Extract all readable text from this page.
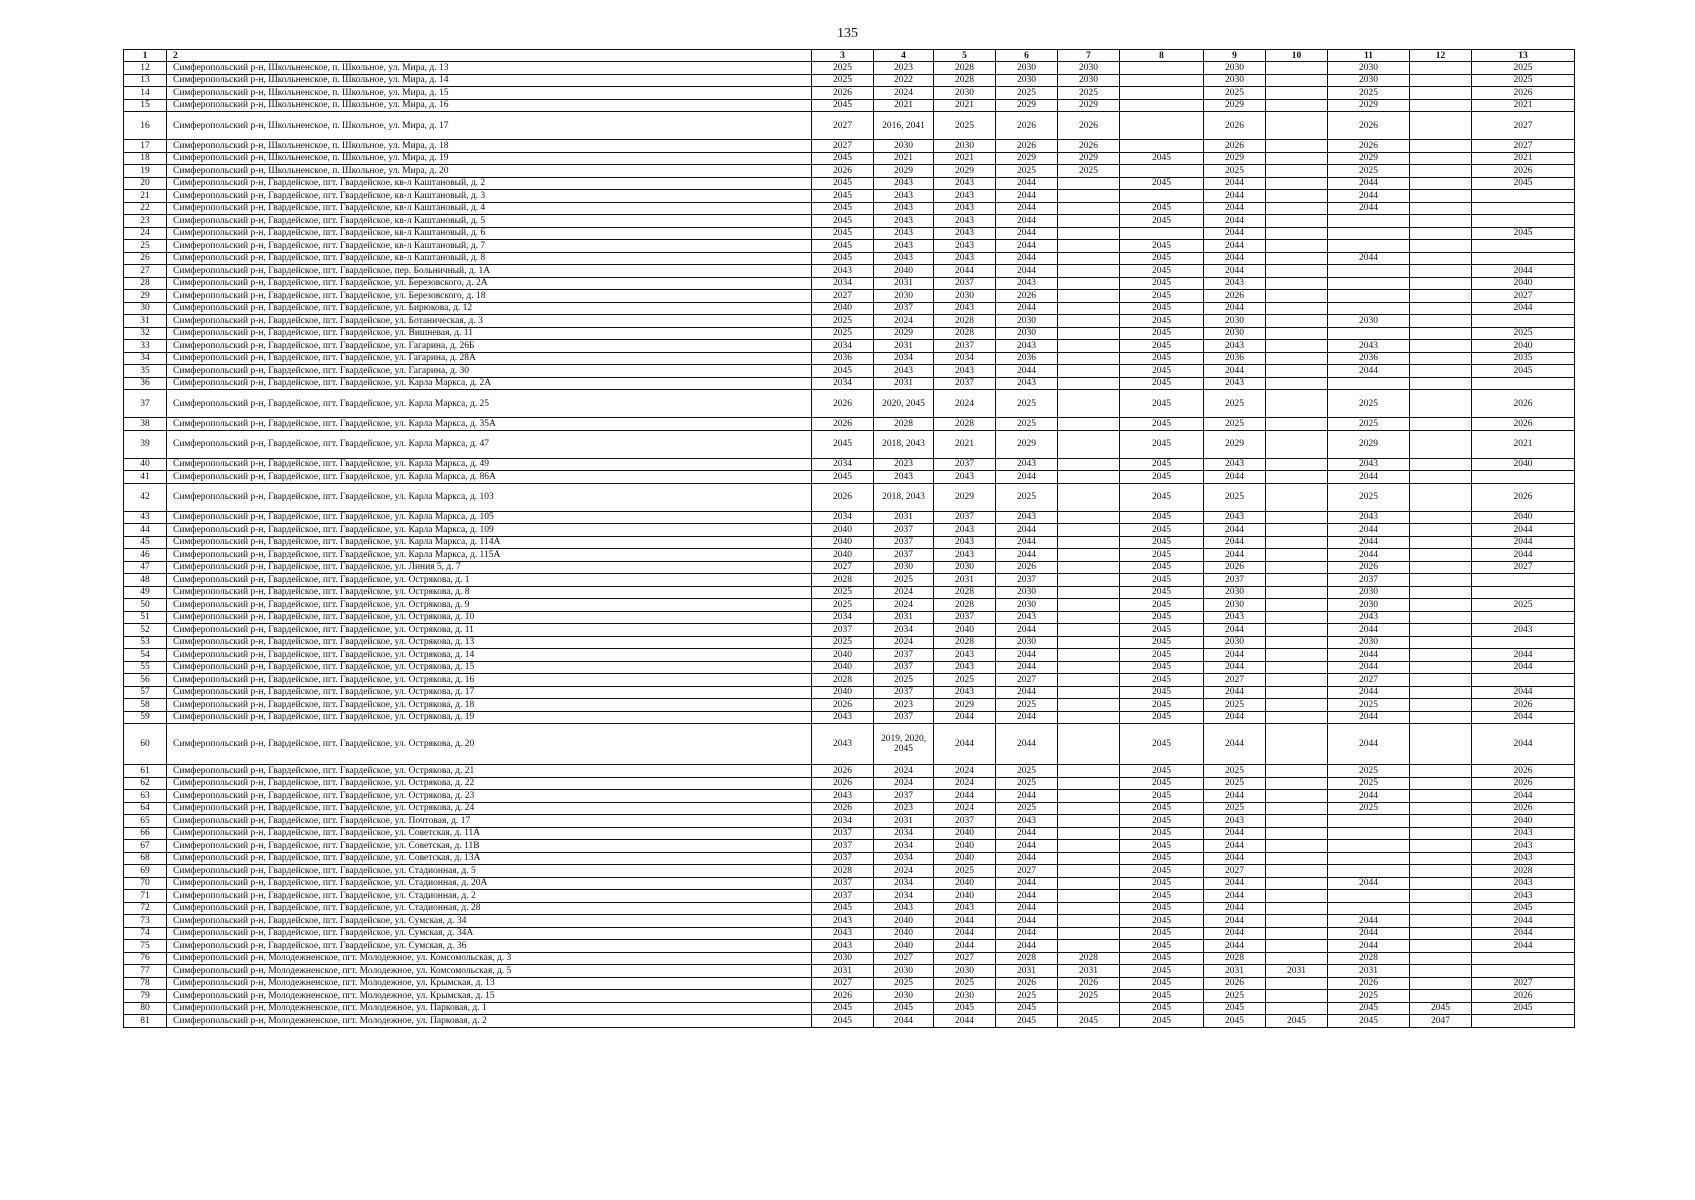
135
1	2	3	4	5	6	7	8	9	10	11	12	13
12	Симферопольский р-н, Школьненское, п. Школьное, ул. Мира, д. 13	2025	2023	2028	2030	2030		2030		2030		2025
13	Симферопольский р-н, Школьненское, п. Школьное, ул. Мира, д. 14	2025	2022	2028	2030	2030		2030		2030		2025
14	Симферопольский р-н, Школьненское, п. Школьное, ул. Мира, д. 15	2026	2024	2030	2025	2025		2025		2025		2026
15	Симферопольский р-н, Школьненское, п. Школьное, ул. Мира, д. 16	2045	2021	2021	2029	2029		2029		2029		2021
16	Симферопольский р-н, Школьненское, п. Школьное, ул. Мира, д. 17	2027	2016, 2041	2025	2026	2026		2026		2026		2027
17	Симферопольский р-н, Школьненское, п. Школьное, ул. Мира, д. 18	2027	2030	2030	2026	2026		2026		2026		2027
18	Симферопольский р-н, Школьненское, п. Школьное, ул. Мира, д. 19	2045	2021	2021	2029	2029	2045	2029		2029		2021
19	Симферопольский р-н, Школьненское, п. Школьное, ул. Мира, д. 20	2026	2029	2029	2025	2025		2025		2025		2026
20	Симферопольский р-н, Гвардейское, пгт. Гвардейское, кв-л Каштановый, д. 2	2045	2043	2043	2044		2045	2044		2044		2045
21	Симферопольский р-н, Гвардейское, пгт. Гвардейское, кв-л Каштановый, д. 3	2045	2043	2043	2044			2044		2044		
22	Симферопольский р-н, Гвардейское, пгт. Гвардейское, кв-л Каштановый, д. 4	2045	2043	2043	2044		2045	2044		2044		
23	Симферопольский р-н, Гвардейское, пгт. Гвардейское, кв-л Каштановый, д. 5	2045	2043	2043	2044		2045	2044				
24	Симферопольский р-н, Гвардейское, пгт. Гвардейское, кв-л Каштановый, д. 6	2045	2043	2043	2044			2044				2045
25	Симферопольский р-н, Гвардейское, пгт. Гвардейское, кв-л Каштановый, д. 7	2045	2043	2043	2044		2045	2044				
26	Симферопольский р-н, Гвардейское, пгт. Гвардейское, кв-л Каштановый, д. 8	2045	2043	2043	2044		2045	2044		2044		
27	Симферопольский р-н, Гвардейское, пгт. Гвардейское, пер. Больничный, д. 1А	2043	2040	2044	2044		2045	2044				2044
28	Симферопольский р-н, Гвардейское, пгт. Гвардейское, ул. Березовского, д. 2А	2034	2031	2037	2043		2045	2043				2040
29	Симферопольский р-н, Гвардейское, пгт. Гвардейское, ул. Березовского, д. 18	2027	2030	2030	2026		2045	2026				2027
30	Симферопольский р-н, Гвардейское, пгт. Гвардейское, ул. Бирюкова, д. 12	2040	2037	2043	2044		2045	2044				2044
31	Симферопольский р-н, Гвардейское, пгт. Гвардейское, ул. Ботаническая, д. 3	2025	2024	2028	2030		2045	2030		2030		
32	Симферопольский р-н, Гвардейское, пгт. Гвардейское, ул. Вишневая, д. 11	2025	2029	2028	2030		2045	2030				2025
33	Симферопольский р-н, Гвардейское, пгт. Гвардейское, ул. Гагарина, д. 26Б	2034	2031	2037	2043		2045	2043		2043		2040
34	Симферопольский р-н, Гвардейское, пгт. Гвардейское, ул. Гагарина, д. 28А	2036	2034	2034	2036		2045	2036		2036		2035
35	Симферопольский р-н, Гвардейское, пгт. Гвардейское, ул. Гагарина, д. 30	2045	2043	2043	2044		2045	2044		2044		2045
36	Симферопольский р-н, Гвардейское, пгт. Гвардейское, ул. Карла Маркса, д. 2А	2034	2031	2037	2043		2045	2043				
37	Симферопольский р-н, Гвардейское, пгт. Гвардейское, ул. Карла Маркса, д. 25	2026	2020, 2045	2024	2025		2045	2025		2025		2026
38	Симферопольский р-н, Гвардейское, пгт. Гвардейское, ул. Карла Маркса, д. 35А	2026	2028	2028	2025		2045	2025		2025		2026
39	Симферопольский р-н, Гвардейское, пгт. Гвардейское, ул. Карла Маркса, д. 47	2045	2018, 2043	2021	2029		2045	2029		2029		2021
40	Симферопольский р-н, Гвардейское, пгт. Гвардейское, ул. Карла Маркса, д. 49	2034	2023	2037	2043		2045	2043		2043		2040
41	Симферопольский р-н, Гвардейское, пгт. Гвардейское, ул. Карла Маркса, д. 86А	2045	2043	2043	2044		2045	2044		2044		
42	Симферопольский р-н, Гвардейское, пгт. Гвардейское, ул. Карла Маркса, д. 103	2026	2018, 2043	2029	2025		2045	2025		2025		2026
43	Симферопольский р-н, Гвардейское, пгт. Гвардейское, ул. Карла Маркса, д. 105	2034	2031	2037	2043		2045	2043		2043		2040
44	Симферопольский р-н, Гвардейское, пгт. Гвардейское, ул. Карла Маркса, д. 109	2040	2037	2043	2044		2045	2044		2044		2044
45	Симферопольский р-н, Гвардейское, пгт. Гвардейское, ул. Карла Маркса, д. 114А	2040	2037	2043	2044		2045	2044		2044		2044
46	Симферопольский р-н, Гвардейское, пгт. Гвардейское, ул. Карла Маркса, д. 115А	2040	2037	2043	2044		2045	2044		2044		2044
47	Симферопольский р-н, Гвардейское, пгт. Гвардейское, ул. Линия 5, д. 7	2027	2030	2030	2026		2045	2026		2026		2027
48	Симферопольский р-н, Гвардейское, пгт. Гвардейское, ул. Острякова, д. 1	2028	2025	2031	2037		2045	2037		2037		
49	Симферопольский р-н, Гвардейское, пгт. Гвардейское, ул. Острякова, д. 8	2025	2024	2028	2030		2045	2030		2030		
50	Симферопольский р-н, Гвардейское, пгт. Гвардейское, ул. Острякова, д. 9	2025	2024	2028	2030		2045	2030		2030		2025
51	Симферопольский р-н, Гвардейское, пгт. Гвардейское, ул. Острякова, д. 10	2034	2031	2037	2043		2045	2043		2043		
52	Симферопольский р-н, Гвардейское, пгт. Гвардейское, ул. Острякова, д. 11	2037	2034	2040	2044		2045	2044		2044		2043
53	Симферопольский р-н, Гвардейское, пгт. Гвардейское, ул. Острякова, д. 13	2025	2024	2028	2030		2045	2030		2030		
54	Симферопольский р-н, Гвардейское, пгт. Гвардейское, ул. Острякова, д. 14	2040	2037	2043	2044		2045	2044		2044		2044
55	Симферопольский р-н, Гвардейское, пгт. Гвардейское, ул. Острякова, д. 15	2040	2037	2043	2044		2045	2044		2044		2044
56	Симферопольский р-н, Гвардейское, пгт. Гвардейское, ул. Острякова, д. 16	2028	2025	2025	2027		2045	2027		2027		
57	Симферопольский р-н, Гвардейское, пгт. Гвардейское, ул. Острякова, д. 17	2040	2037	2043	2044		2045	2044		2044		2044
58	Симферопольский р-н, Гвардейское, пгт. Гвардейское, ул. Острякова, д. 18	2026	2023	2029	2025		2045	2025		2025		2026
59	Симферопольский р-н, Гвардейское, пгт. Гвардейское, ул. Острякова, д. 19	2043	2037	2044	2044		2045	2044		2044		2044
60	Симферопольский р-н, Гвардейское, пгт. Гвардейское, ул. Острякова, д. 20	2043	2019, 2020, 2045	2044	2044		2045	2044		2044		2044
61	Симферопольский р-н, Гвардейское, пгт. Гвардейское, ул. Острякова, д. 21	2026	2024	2024	2025		2045	2025		2025		2026
62	Симферопольский р-н, Гвардейское, пгт. Гвардейское, ул. Острякова, д. 22	2026	2024	2024	2025		2045	2025		2025		2026
63	Симферопольский р-н, Гвардейское, пгт. Гвардейское, ул. Острякова, д. 23	2043	2037	2044	2044		2045	2044		2044		2044
64	Симферопольский р-н, Гвардейское, пгт. Гвардейское, ул. Острякова, д. 24	2026	2023	2024	2025		2045	2025		2025		2026
65	Симферопольский р-н, Гвардейское, пгт. Гвардейское, ул. Почтовая, д. 17	2034	2031	2037	2043		2045	2043				2040
66	Симферопольский р-н, Гвардейское, пгт. Гвардейское, ул. Советская, д. 11А	2037	2034	2040	2044		2045	2044				2043
67	Симферопольский р-н, Гвардейское, пгт. Гвардейское, ул. Советская, д. 11В	2037	2034	2040	2044		2045	2044				2043
68	Симферопольский р-н, Гвардейское, пгт. Гвардейское, ул. Советская, д. 13А	2037	2034	2040	2044		2045	2044				2043
69	Симферопольский р-н, Гвардейское, пгт. Гвардейское, ул. Стадионная, д. 5	2028	2024	2025	2027		2045	2027				2028
70	Симферопольский р-н, Гвардейское, пгт. Гвардейское, ул. Стадионная, д. 20А	2037	2034	2040	2044		2045	2044		2044		2043
71	Симферопольский р-н, Гвардейское, пгт. Гвардейское, ул. Стадионная, д. 2	2037	2034	2040	2044		2045	2044				2043
72	Симферопольский р-н, Гвардейское, пгт. Гвардейское, ул. Стадионная, д. 28	2045	2043	2043	2044		2045	2044				2045
73	Симферопольский р-н, Гвардейское, пгт. Гвардейское, ул. Сумская, д. 34	2043	2040	2044	2044		2045	2044		2044		2044
74	Симферопольский р-н, Гвардейское, пгт. Гвардейское, ул. Сумская, д. 34А	2043	2040	2044	2044		2045	2044		2044		2044
75	Симферопольский р-н, Гвардейское, пгт. Гвардейское, ул. Сумская, д. 36	2043	2040	2044	2044		2045	2044		2044		2044
76	Симферопольский р-н, Молодежненское, пгт. Молодежное, ул. Комсомольская, д. 3	2030	2027	2027	2028	2028	2045	2028		2028		
77	Симферопольский р-н, Молодежненское, пгт. Молодежное, ул. Комсомольская, д. 5	2031	2030	2030	2031	2031	2045	2031	2031	2031		
78	Симферопольский р-н, Молодежненское, пгт. Молодежное, ул. Крымская, д. 13	2027	2025	2025	2026	2026	2045	2026		2026		2027
79	Симферопольский р-н, Молодежненское, пгт. Молодежное, ул. Крымская, д. 15	2026	2030	2030	2025	2025	2045	2025		2025		2026
80	Симферопольский р-н, Молодежненское, пгт. Молодежное, ул. Парковая, д. 1	2045	2045	2045	2045		2045	2045		2045	2045	2045
81	Симферопольский р-н, Молодежненское, пгт. Молодежное, ул. Парковая, д. 2	2045	2044	2044	2045	2045	2045	2045	2045	2045	2047	
